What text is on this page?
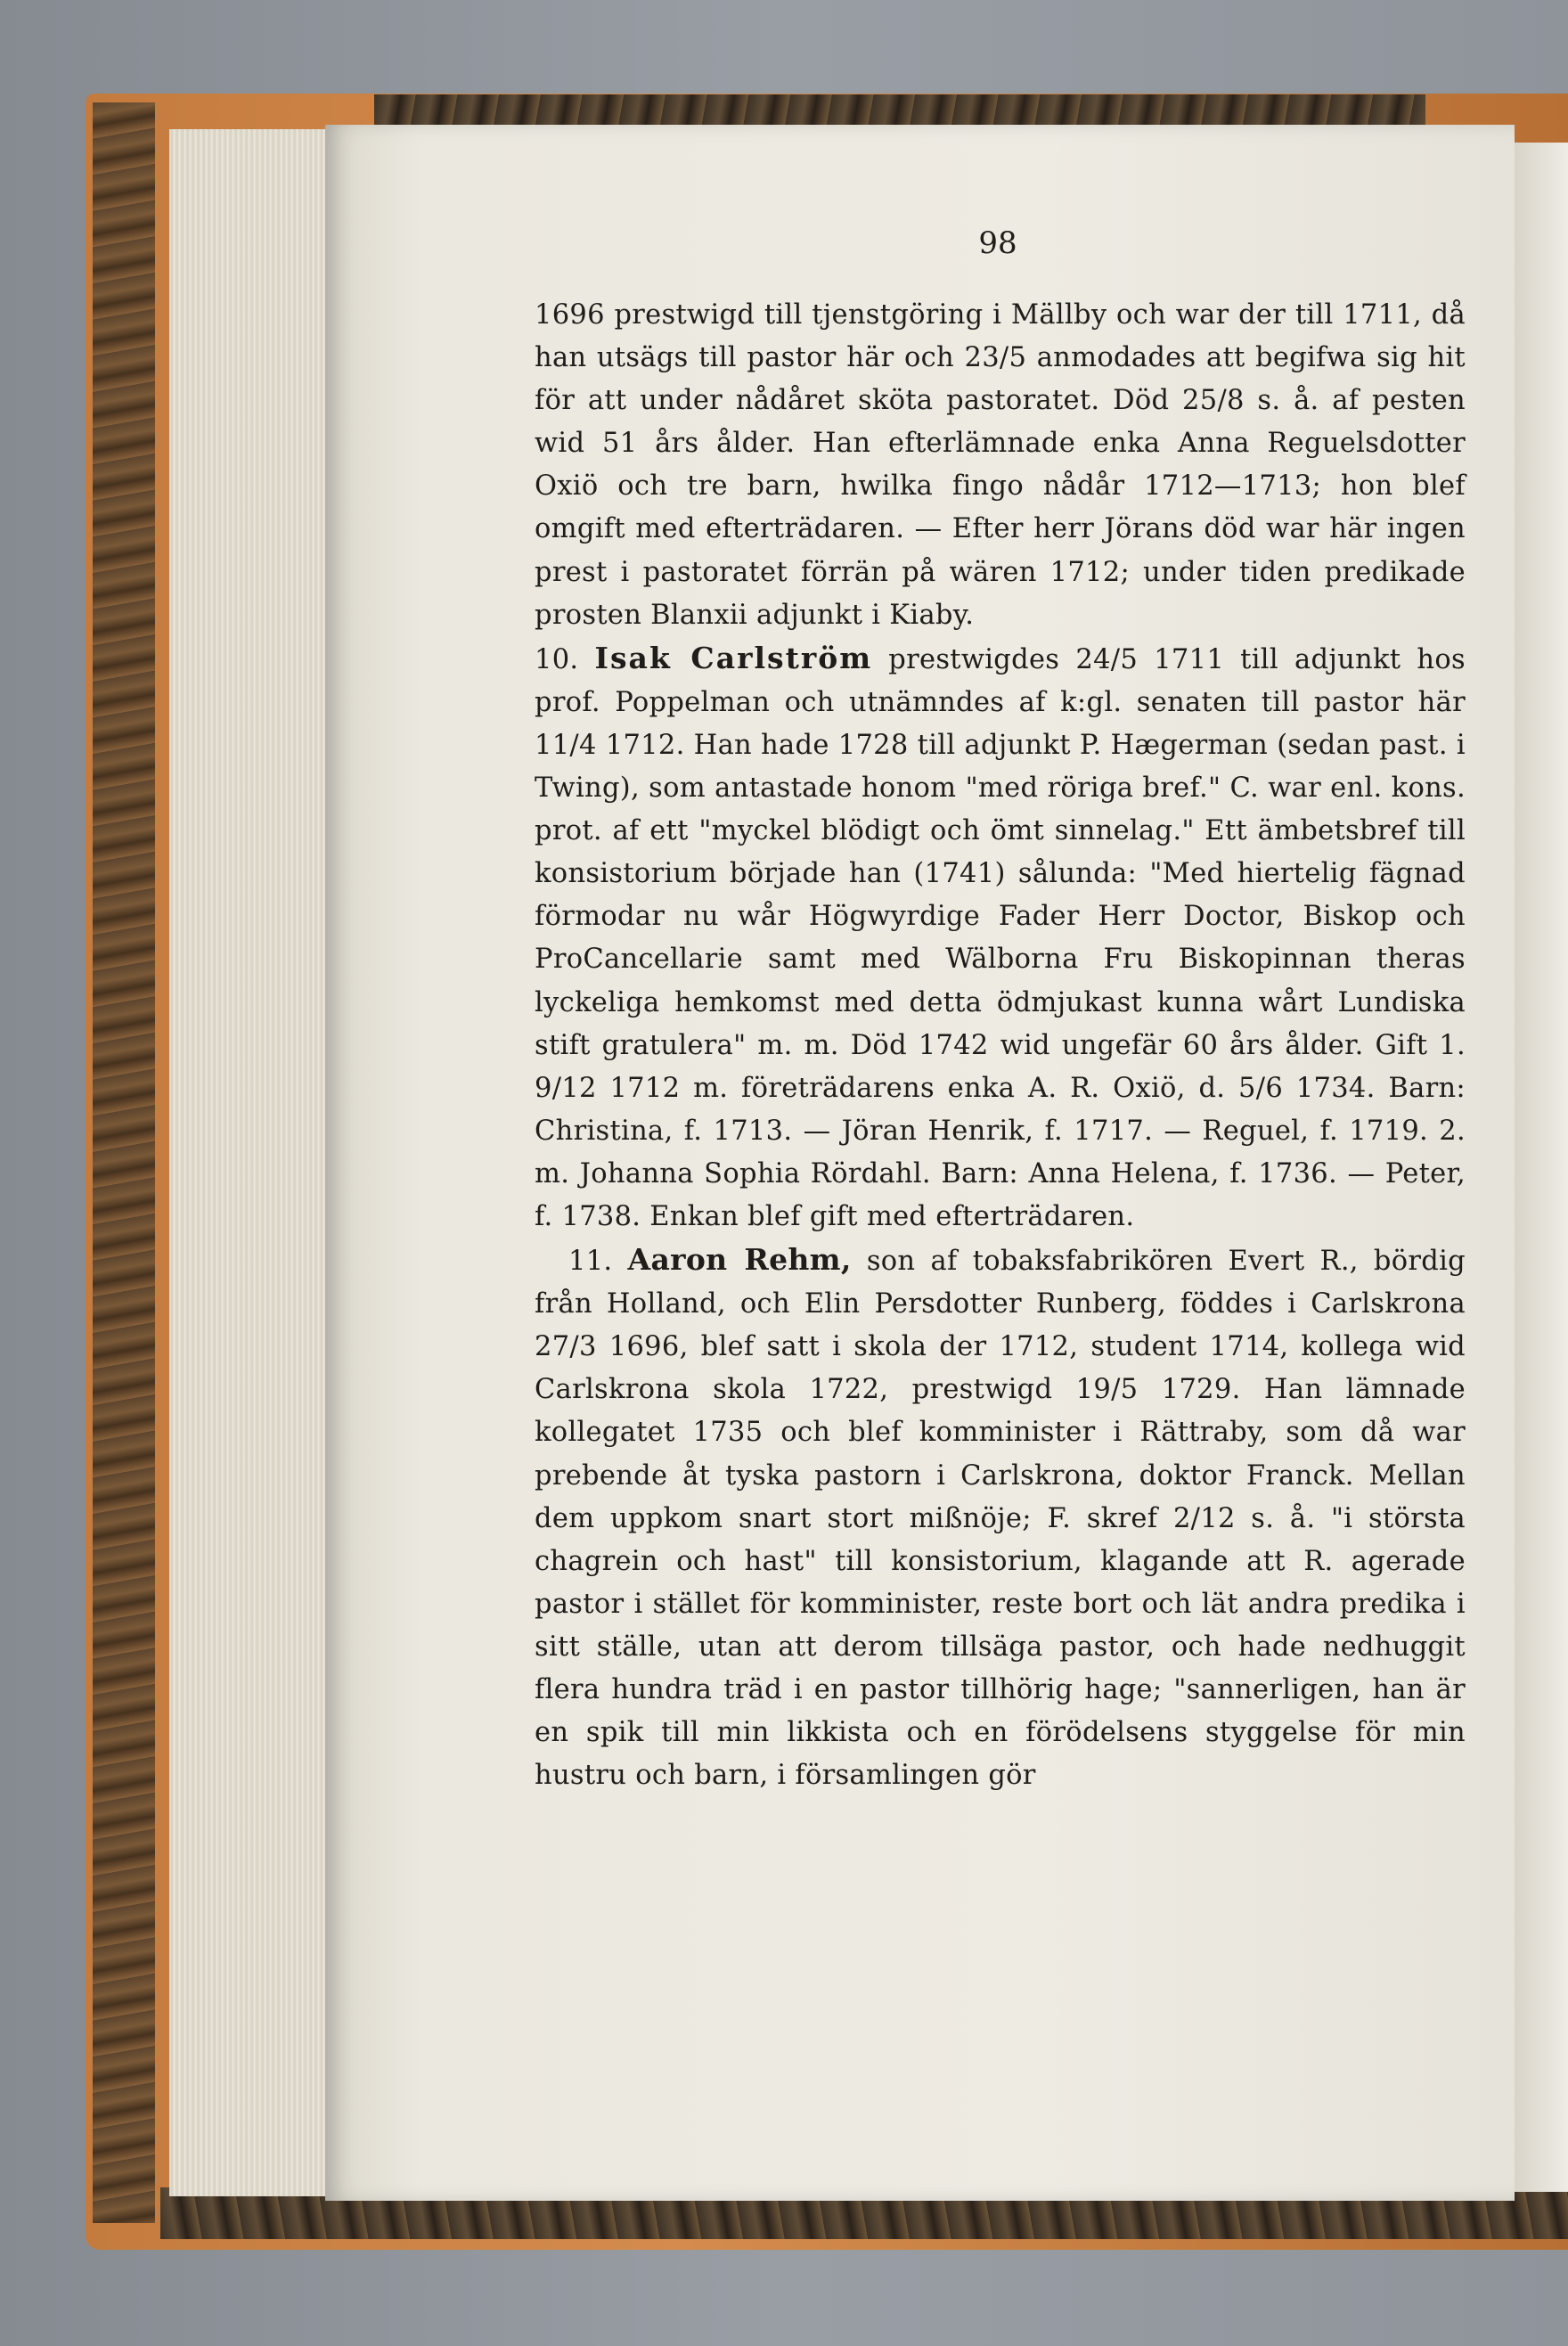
98

1696 prestwigd till tjenstgöring i Mällby och war der till 1711, då han utsägs till pastor här och 23/5 anmodades att begifwa sig hit för att under nådåret sköta pastoratet. Död 25/8 s. å. af pesten wid 51 års ålder. Han efterlämnade enka Anna Reguelsdotter Oxiö och tre barn, hwilka fingo nådår 1712—1713; hon blef omgift med efterträdaren. — Efter herr Jörans död war här ingen prest i pastoratet förrän på wären 1712; under tiden predikade prosten Blanxii adjunkt i Kiaby.

10. Isak Carlström prestwigdes 24/5 1711 till adjunkt hos prof. Poppelman och utnämndes af k:gl. senaten till pastor här 11/4 1712. Han hade 1728 till adjunkt P. Hægerman (sedan past. i Twing), som antastade honom "med röriga bref." C. war enl. kons. prot. af ett "myckel blödigt och ömt sinnelag." Ett ämbetsbref till konsistorium började han (1741) sålunda: "Med hiertelig fägnad förmodar nu wår Högwyrdige Fader Herr Doctor, Biskop och ProCancellarie samt med Wälborna Fru Biskopinnan theras lyckeliga hemkomst med detta ödmjukast kunna wårt Lundiska stift gratulera" m. m. Död 1742 wid ungefär 60 års ålder. Gift 1. 9/12 1712 m. företrädarens enka A. R. Oxiö, d. 5/6 1734. Barn: Christina, f. 1713. — Jöran Henrik, f. 1717. — Reguel, f. 1719. 2. m. Johanna Sophia Rördahl. Barn: Anna Helena, f. 1736. — Peter, f. 1738. Enkan blef gift med efterträdaren.

11. Aaron Rehm, son af tobaksfabrikören Evert R., bördig från Holland, och Elin Persdotter Runberg, föddes i Carlskrona 27/3 1696, blef satt i skola der 1712, student 1714, kollega wid Carlskrona skola 1722, prestwigd 19/5 1729. Han lämnade kollegatet 1735 och blef komminister i Rättraby, som då war prebende åt tyska pastorn i Carlskrona, doktor Franck. Mellan dem uppkom snart stort mißnöje; F. skref 2/12 s. å. "i största chagrein och hast" till konsistorium, klagande att R. agerade pastor i stället för komminister, reste bort och lät andra predika i sitt ställe, utan att derom tillsäga pastor, och hade nedhuggit flera hundra träd i en pastor tillhörig hage; "sannerligen, han är en spik till min likkista och en förödelsens styggelse för min hustru och barn, i församlingen gör
